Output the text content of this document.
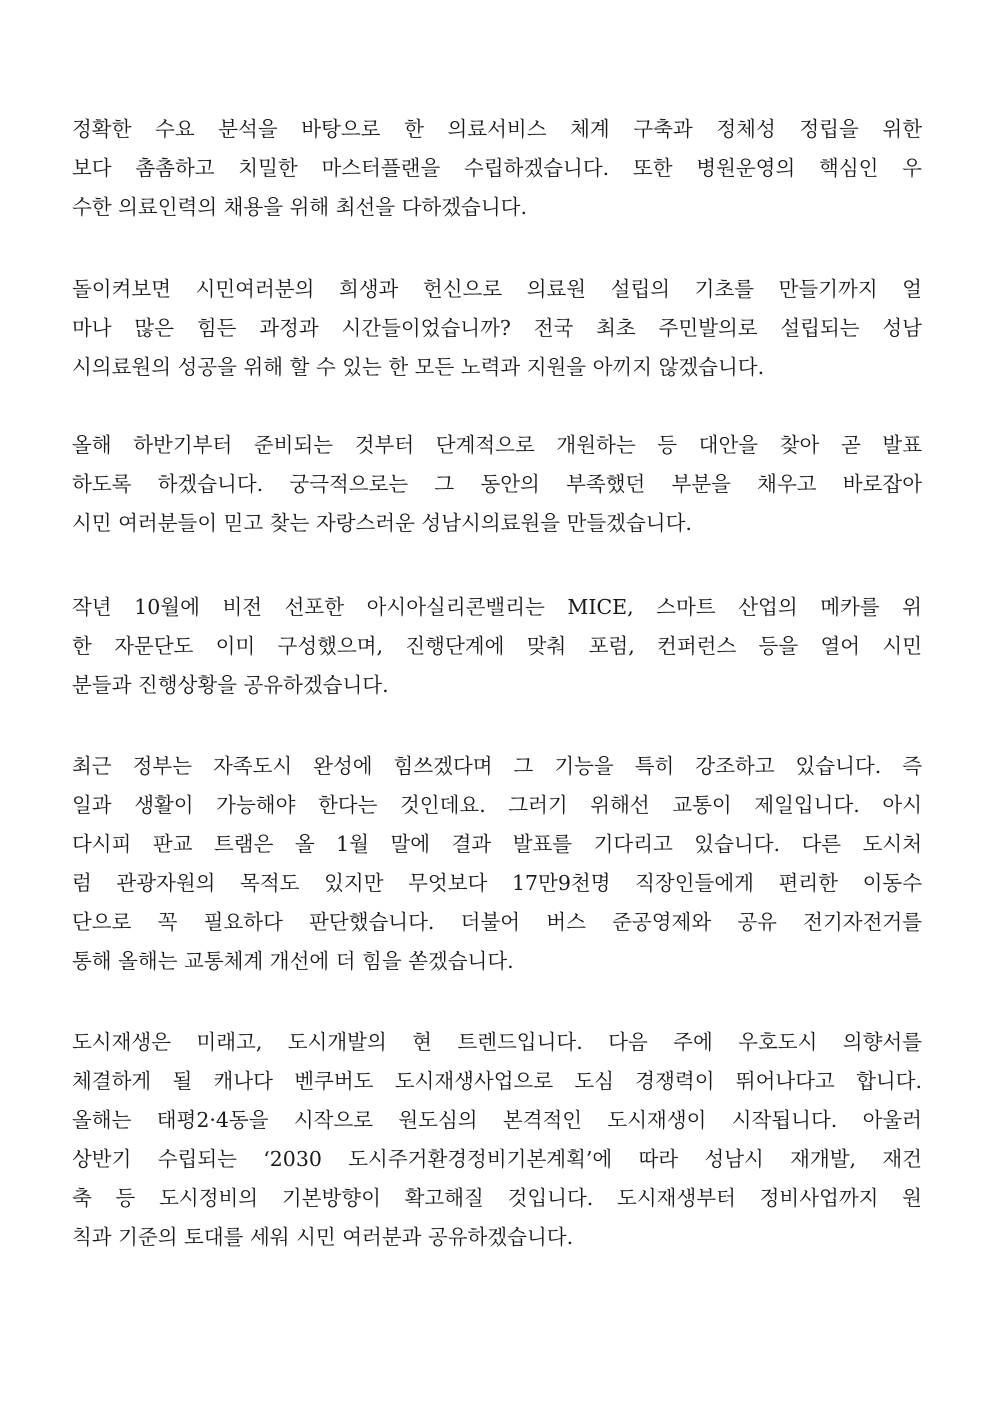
정확한 수요 분석을 바탕으로 한 의료서비스 체계 구축과 정체성 정립을 위한
보다 촘촘하고 치밀한 마스터플랜을 수립하겠습니다. 또한 병원운영의 핵심인 우
수한 의료인력의 채용을 위해 최선을 다하겠습니다.
돌이켜보면 시민여러분의 희생과 헌신으로 의료원 설립의 기초를 만들기까지 얼
마나 많은 힘든 과정과 시간들이었습니까? 전국 최초 주민발의로 설립되는 성남
시의료원의 성공을 위해 할 수 있는 한 모든 노력과 지원을 아끼지 않겠습니다.
올해 하반기부터 준비되는 것부터 단계적으로 개원하는 등 대안을 찾아 곧 발표
하도록 하겠습니다. 궁극적으로는 그 동안의 부족했던 부분을 채우고 바로잡아
시민 여러분들이 믿고 찾는 자랑스러운 성남시의료원을 만들겠습니다.
작년 10월에 비전 선포한 아시아실리콘밸리는 MICE, 스마트 산업의 메카를 위
한 자문단도 이미 구성했으며, 진행단계에 맞춰 포럼, 컨퍼런스 등을 열어 시민
분들과 진행상황을 공유하겠습니다.
최근 정부는 자족도시 완성에 힘쓰겠다며 그 기능을 특히 강조하고 있습니다. 즉
일과 생활이 가능해야 한다는 것인데요. 그러기 위해선 교통이 제일입니다. 아시
다시피 판교 트램은 올 1월 말에 결과 발표를 기다리고 있습니다. 다른 도시처
럼 관광자원의 목적도 있지만 무엇보다 17만9천명 직장인들에게 편리한 이동수
단으로 꼭 필요하다 판단했습니다. 더불어 버스 준공영제와 공유 전기자전거를
통해 올해는 교통체계 개선에 더 힘을 쏟겠습니다.
도시재생은 미래고, 도시개발의 현 트렌드입니다. 다음 주에 우호도시 의향서를
체결하게 될 캐나다 벤쿠버도 도시재생사업으로 도심 경쟁력이 뛰어나다고 합니다.
올해는 태평2·4동을 시작으로 원도심의 본격적인 도시재생이 시작됩니다. 아울러
상반기 수립되는 ‘2030 도시주거환경정비기본계획’에 따라 성남시 재개발, 재건
축 등 도시정비의 기본방향이 확고해질 것입니다. 도시재생부터 정비사업까지 원
칙과 기준의 토대를 세워 시민 여러분과 공유하겠습니다.
